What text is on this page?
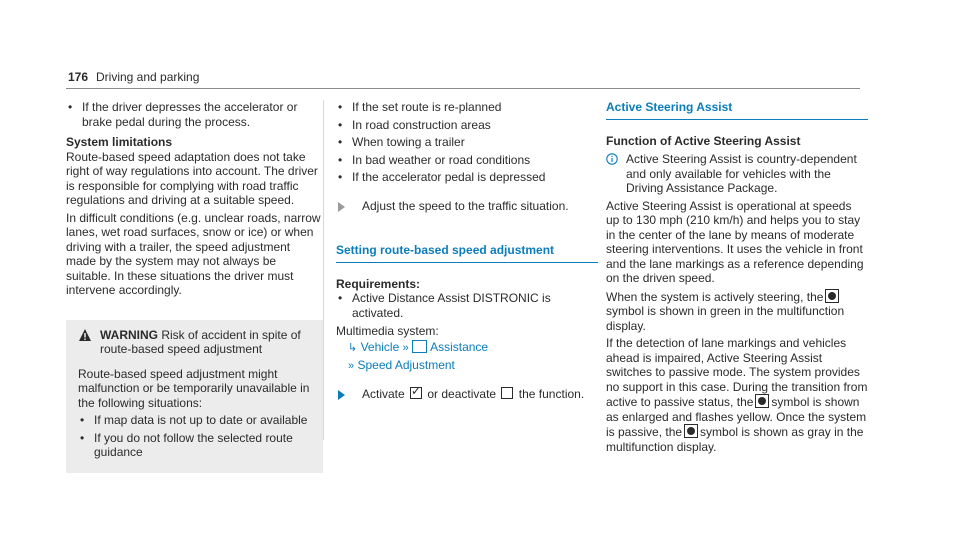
176 Driving and parking
• If the driver depresses the accelerator or brake pedal during the process.
System limitations
Route-based speed adaptation does not take right of way regulations into account. The driver is responsible for complying with road traffic regulations and driving at a suitable speed.
In difficult conditions (e.g. unclear roads, narrow lanes, wet road surfaces, snow or ice) or when driving with a trailer, the speed adjustment made by the system may not always be suitable. In these situations the driver must intervene accordingly.
WARNING Risk of accident in spite of route-based speed adjustment
Route-based speed adjustment might malfunction or be temporarily unavailable in the following situations:
• If map data is not up to date or available
• If you do not follow the selected route guidance
• If the set route is re-planned
• In road construction areas
• When towing a trailer
• In bad weather or road conditions
• If the accelerator pedal is depressed
Adjust the speed to the traffic situation.
Setting route-based speed adjustment
Requirements:
• Active Distance Assist DISTRONIC is activated.
Multimedia system:
↳ Vehicle » Assistance
» Speed Adjustment
Activate ✓ or deactivate the function.
Active Steering Assist
Function of Active Steering Assist
Active Steering Assist is country-dependent and only available for vehicles with the Driving Assistance Package.
Active Steering Assist is operational at speeds up to 130 mph (210 km/h) and helps you to stay in the center of the lane by means of moderate steering interventions. It uses the vehicle in front and the lane markings as a reference depending on the driven speed.
When the system is actively steering, thesymbol is shown in green in the multifunction display.
If the detection of lane markings and vehicles ahead is impaired, Active Steering Assist switches to passive mode. The system provides no support in this case. During the transition from active to passive status, the symbol is shown as enlarged and flashes yellow. Once the system is passive, the symbol is shown as gray in the multifunction display.
